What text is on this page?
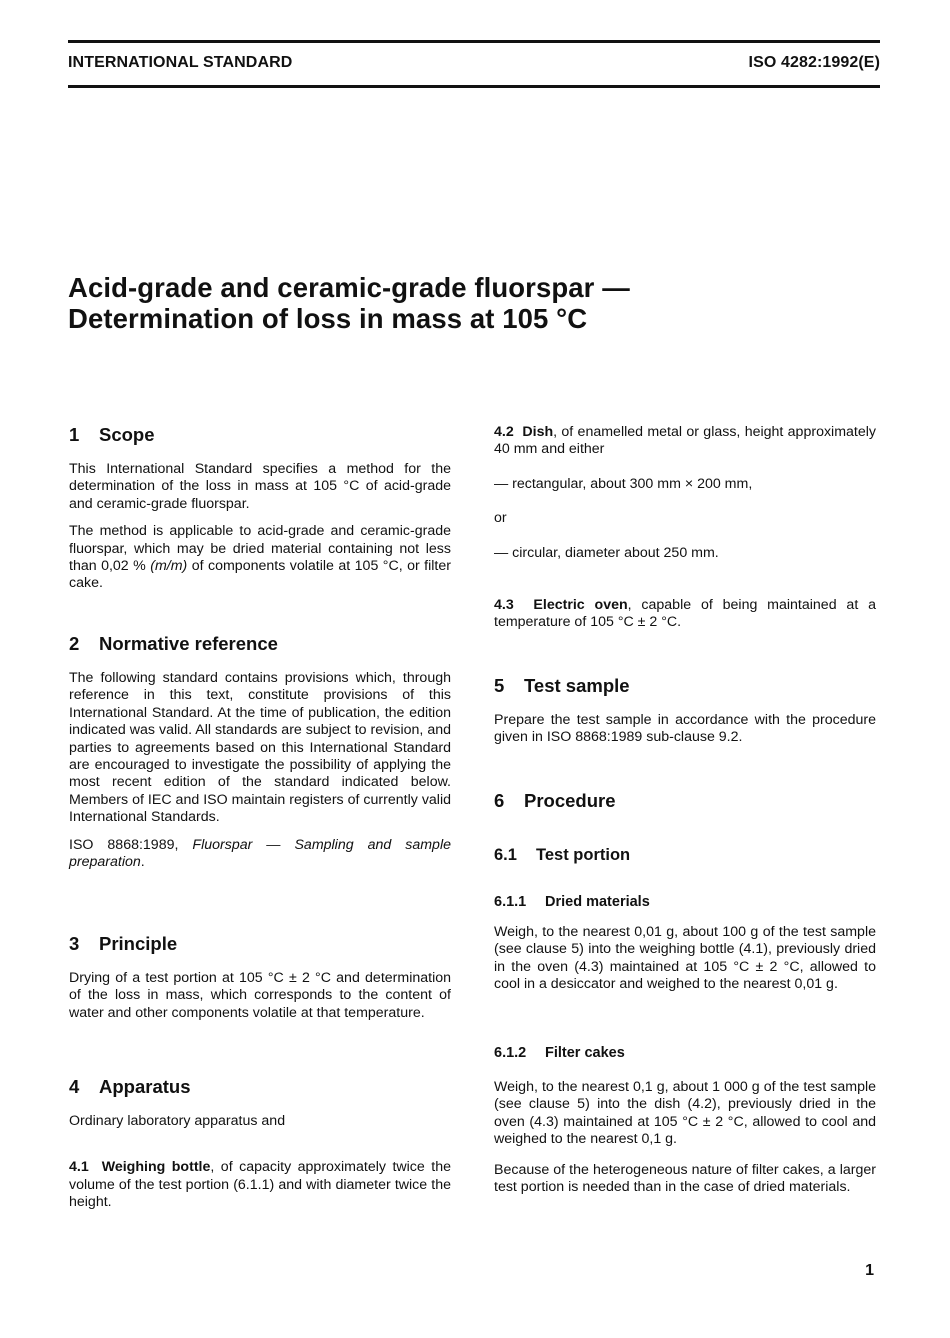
INTERNATIONAL STANDARD	ISO 4282:1992(E)
Acid-grade and ceramic-grade fluorspar —
Determination of loss in mass at 105 °C
1 Scope

This International Standard specifies a method for the determination of the loss in mass at 105 °C of acid-grade and ceramic-grade fluorspar.

The method is applicable to acid-grade and ceramic-grade fluorspar, which may be dried material containing not less than 0,02 % (m/m) of components volatile at 105 °C, or filter cake.

2 Normative reference

The following standard contains provisions which, through reference in this text, constitute provisions of this International Standard. At the time of publication, the edition indicated was valid. All standards are subject to revision, and parties to agreements based on this International Standard are encouraged to investigate the possibility of applying the most recent edition of the standard indicated below. Members of IEC and ISO maintain registers of currently valid International Standards.

ISO 8868:1989, Fluorspar — Sampling and sample preparation.

3 Principle

Drying of a test portion at 105 °C ± 2 °C and determination of the loss in mass, which corresponds to the content of water and other components volatile at that temperature.

4 Apparatus

Ordinary laboratory apparatus and

4.1 Weighing bottle, of capacity approximately twice the volume of the test portion (6.1.1) and with diameter twice the height.

4.2 Dish, of enamelled metal or glass, height approximately 40 mm and either

— rectangular, about 300 mm × 200 mm,

or

— circular, diameter about 250 mm.

4.3 Electric oven, capable of being maintained at a temperature of 105 °C ± 2 °C.

5 Test sample

Prepare the test sample in accordance with the procedure given in ISO 8868:1989 sub-clause 9.2.

6 Procedure
6.1 Test portion
6.1.1 Dried materials

Weigh, to the nearest 0,01 g, about 100 g of the test sample (see clause 5) into the weighing bottle (4.1), previously dried in the oven (4.3) maintained at 105 °C ± 2 °C, allowed to cool in a desiccator and weighed to the nearest 0,01 g.

6.1.2 Filter cakes

Weigh, to the nearest 0,1 g, about 1 000 g of the test sample (see clause 5) into the dish (4.2), previously dried in the oven (4.3) maintained at 105 °C ± 2 °C, allowed to cool and weighed to the nearest 0,1 g.

Because of the heterogeneous nature of filter cakes, a larger test portion is needed than in the case of dried materials.

1
